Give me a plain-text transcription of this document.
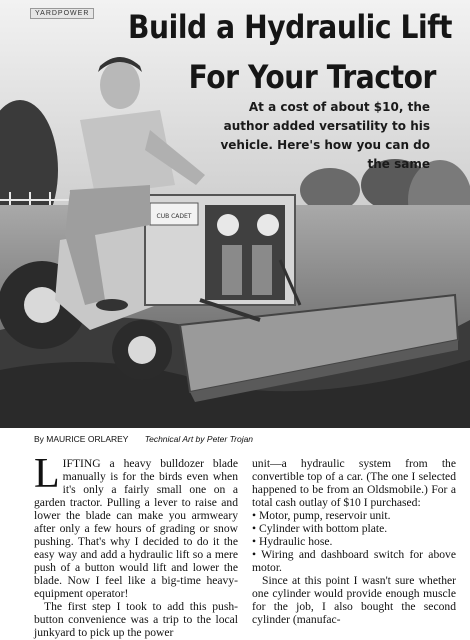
CUB CADET
YARDPOWER Build a Hydraulic Lift
For Your Tractor
At a cost of about $10, the author added versatility to his vehicle. Here's how you can do the same
By MAURICE ORLAREY Technical Art by Peter Trojan

L IFTING a heavy bulldozer blade manually is for the birds even when it's only a fairly small one on a garden tractor. Pulling a lever to raise and lower the blade can make you armweary after only a few hours of grading or snow pushing. That's why I decided to do it the easy way and add a hydraulic lift so a mere push of a button would lift and lower the blade. Now I feel like a big-time heavy-equipment operator!

The first step I took to add this push-button convenience was a trip to the local junkyard to pick up the power

unit—a hydraulic system from the convertible top of a car. (The one I selected happened to be from an Oldsmobile.) For a total cash outlay of $10 I purchased:

• Motor, pump, reservoir unit.
• Cylinder with bottom plate.
• Hydraulic hose.
• Wiring and dashboard switch for above motor.

Since at this point I wasn't sure whether one cylinder would provide enough muscle for the job, I also bought the second cylinder (manufac-
